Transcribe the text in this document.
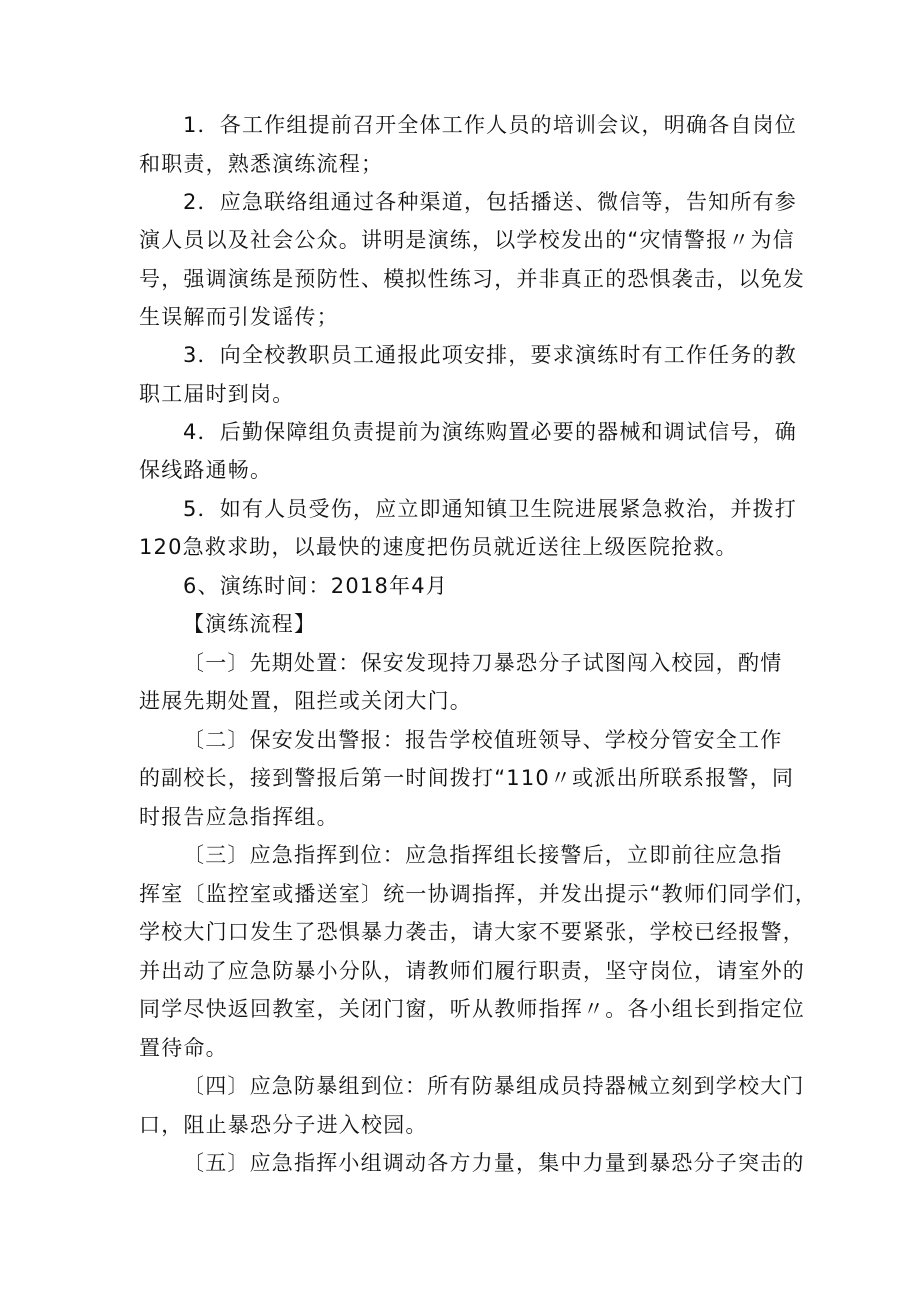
1．各工作组提前召开全体工作人员的培训会议，明确各自岗位
和职责，熟悉演练流程；
2．应急联络组通过各种渠道，包括播送、微信等，告知所有参
演人员以及社会公众。讲明是演练，以学校发出的“灾情警报〃为信
号，强调演练是预防性、模拟性练习，并非真正的恐惧袭击，以免发
生误解而引发谣传；
3．向全校教职员工通报此项安排，要求演练时有工作任务的教
职工届时到岗。
4．后勤保障组负责提前为演练购置必要的器械和调试信号，确
保线路通畅。
5．如有人员受伤，应立即通知镇卫生院进展紧急救治，并拨打
120急救求助，以最快的速度把伤员就近送往上级医院抢救。
6、演练时间：2018年4月
【演练流程】
〔一〕先期处置：保安发现持刀暴恐分子试图闯入校园，酌情
进展先期处置，阻拦或关闭大门。
〔二〕保安发出警报：报告学校值班领导、学校分管安全工作
的副校长，接到警报后第一时间拨打“110〃或派出所联系报警，同
时报告应急指挥组。
〔三〕应急指挥到位：应急指挥组长接警后，立即前往应急指
挥室〔监控室或播送室〕统一协调指挥，并发出提示“教师们同学们，
学校大门口发生了恐惧暴力袭击，请大家不要紧张，学校已经报警，
并出动了应急防暴小分队，请教师们履行职责，坚守岗位，请室外的
同学尽快返回教室，关闭门窗，听从教师指挥〃。各小组长到指定位
置待命。
〔四〕应急防暴组到位：所有防暴组成员持器械立刻到学校大门
口，阻止暴恐分子进入校园。
〔五〕应急指挥小组调动各方力量，集中力量到暴恐分子突击的
